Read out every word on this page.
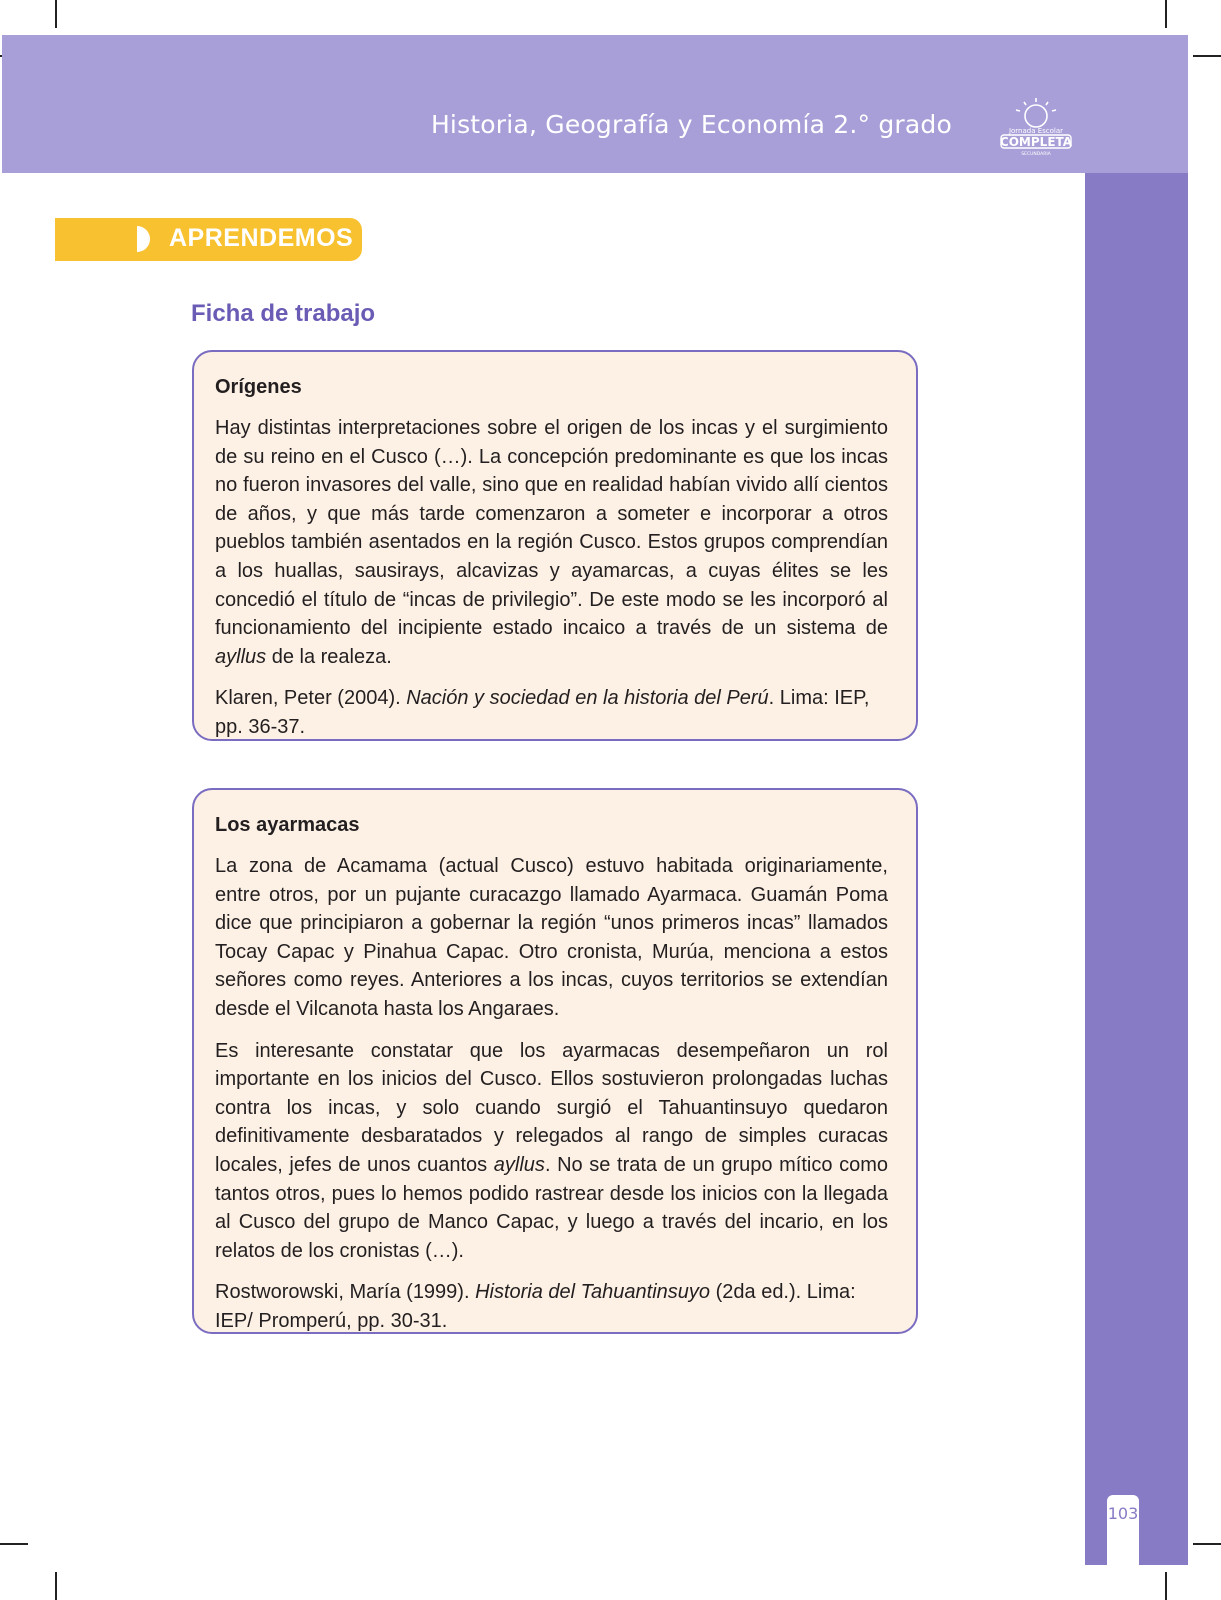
Historia, Geografía y Economía 2.° grado	Jornada Escolar
COMPLETA
SECUNDARIA
103
APRENDEMOS
Ficha de trabajo
Orígenes

Hay distintas interpretaciones sobre el origen de los incas y el surgimiento de su reino en el Cusco (…). La concepción predominante es que los incas no fueron invasores del valle, sino que en realidad habían vivido allí cientos de años, y que más tarde comenzaron a someter e incorporar a otros pueblos también asentados en la región Cusco. Estos grupos comprendían a los huallas, sausirays, alcavizas y ayamarcas, a cuyas élites se les concedió el título de “incas de privilegio”. De este modo se les incorporó al funcionamiento del incipiente estado incaico a través de un sistema de ayllus de la realeza.

Klaren, Peter (2004). Nación y sociedad en la historia del Perú. Lima: IEP, pp. 36-37.

Los ayarmacas

La zona de Acamama (actual Cusco) estuvo habitada originariamente, entre otros, por un pujante curacazgo llamado Ayarmaca. Guamán Poma dice que principiaron a gobernar la región “unos primeros incas” llamados Tocay Capac y Pinahua Capac. Otro cronista, Murúa, menciona a estos señores como reyes. Anteriores a los incas, cuyos territorios se extendían desde el Vilcanota hasta los Angaraes.

Es interesante constatar que los ayarmacas desempeñaron un rol importante en los inicios del Cusco. Ellos sostuvieron prolongadas luchas contra los incas, y solo cuando surgió el Tahuantinsuyo quedaron definitivamente desbaratados y relegados al rango de simples curacas locales, jefes de unos cuantos ayllus. No se trata de un grupo mítico como tantos otros, pues lo hemos podido rastrear desde los inicios con la llegada al Cusco del grupo de Manco Capac, y luego a través del incario, en los relatos de los cronistas (…).

Rostworowski, María (1999). Historia del Tahuantinsuyo (2da ed.). Lima: IEP/ Promperú, pp. 30-31.
